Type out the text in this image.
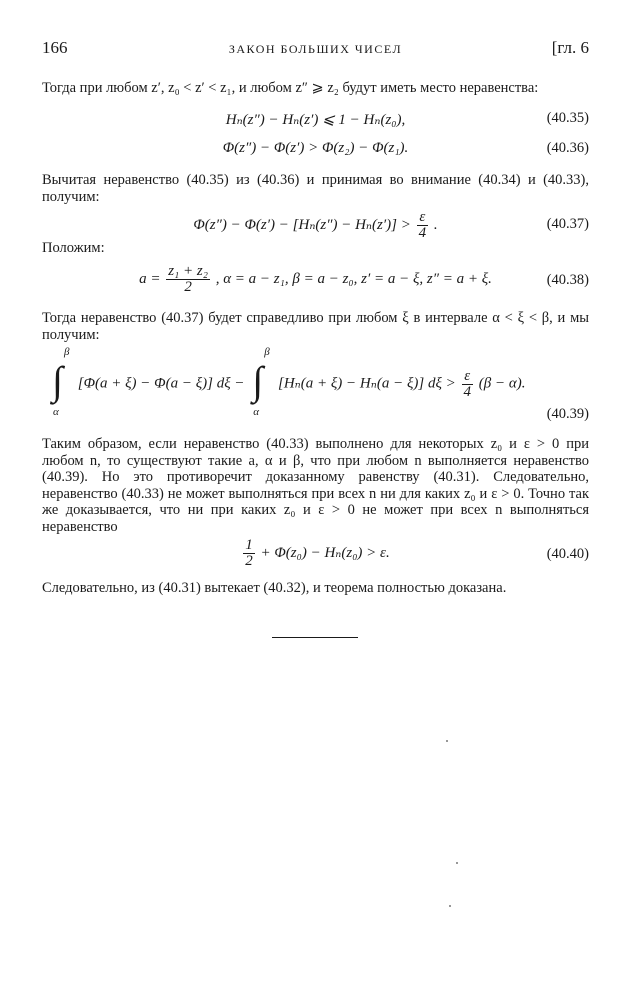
166	ЗАКОН БОЛЬШИХ ЧИСЕЛ	[гл. 6
Тогда при любом z′, z₀ < z′ < z₁, и любом z″ ⩾ z₂ будут иметь место неравенства:
Hₙ(z″) − Hₙ(z′) ⩽ 1 − Hₙ(z₀),	(40.35)
Φ(z″) − Φ(z′) > Φ(z₂) − Φ(z₁).	(40.36)
Вычитая неравенство (40.35) из (40.36) и принимая во внимание (40.34) и (40.33), получим:
$\Phi(z'') - \Phi(z') - [H_n(z'') - H_n(z')] > \frac{\varepsilon}{4}$ .	(40.37)
Положим:
$a = \frac{\text{z₁ + z₂}}{2}$ , α = a − z₁, β = a − z₀, z′ = a − ξ, z″ = a + ξ.	(40.38)
Тогда неравенство (40.37) будет справедливо при любом ξ в интервале α < ξ < β, и мы получим:
∫
β
α
[Φ(a + ξ) − Φ(a − ξ)] dξ − ∫
β
α
[Hₙ(a + ξ) − Hₙ(a − ξ)] $d\xi > \frac{\varepsilon}{4} (\beta - \alpha)$.
(40.39)
Таким образом, если неравенство (40.33) выполнено для некоторых z₀ и ε > 0 при любом n, то существуют такие a, α и β, что при любом n выполняется неравенство (40.39). Но это противоречит доказанному равенству (40.31). Следовательно, неравенство (40.33) не может выполняться при всех n ни для каких z₀ и ε > 0. Точно так же доказывается, что ни при каких z₀ и ε > 0 не может при всех n выполняться неравенство
$\frac{1}{2} + \Phi(z_0) - H_n(z_0) > \varepsilon$.	(40.40)
Следовательно, из (40.31) вытекает (40.32), и теорема полностью доказана.
